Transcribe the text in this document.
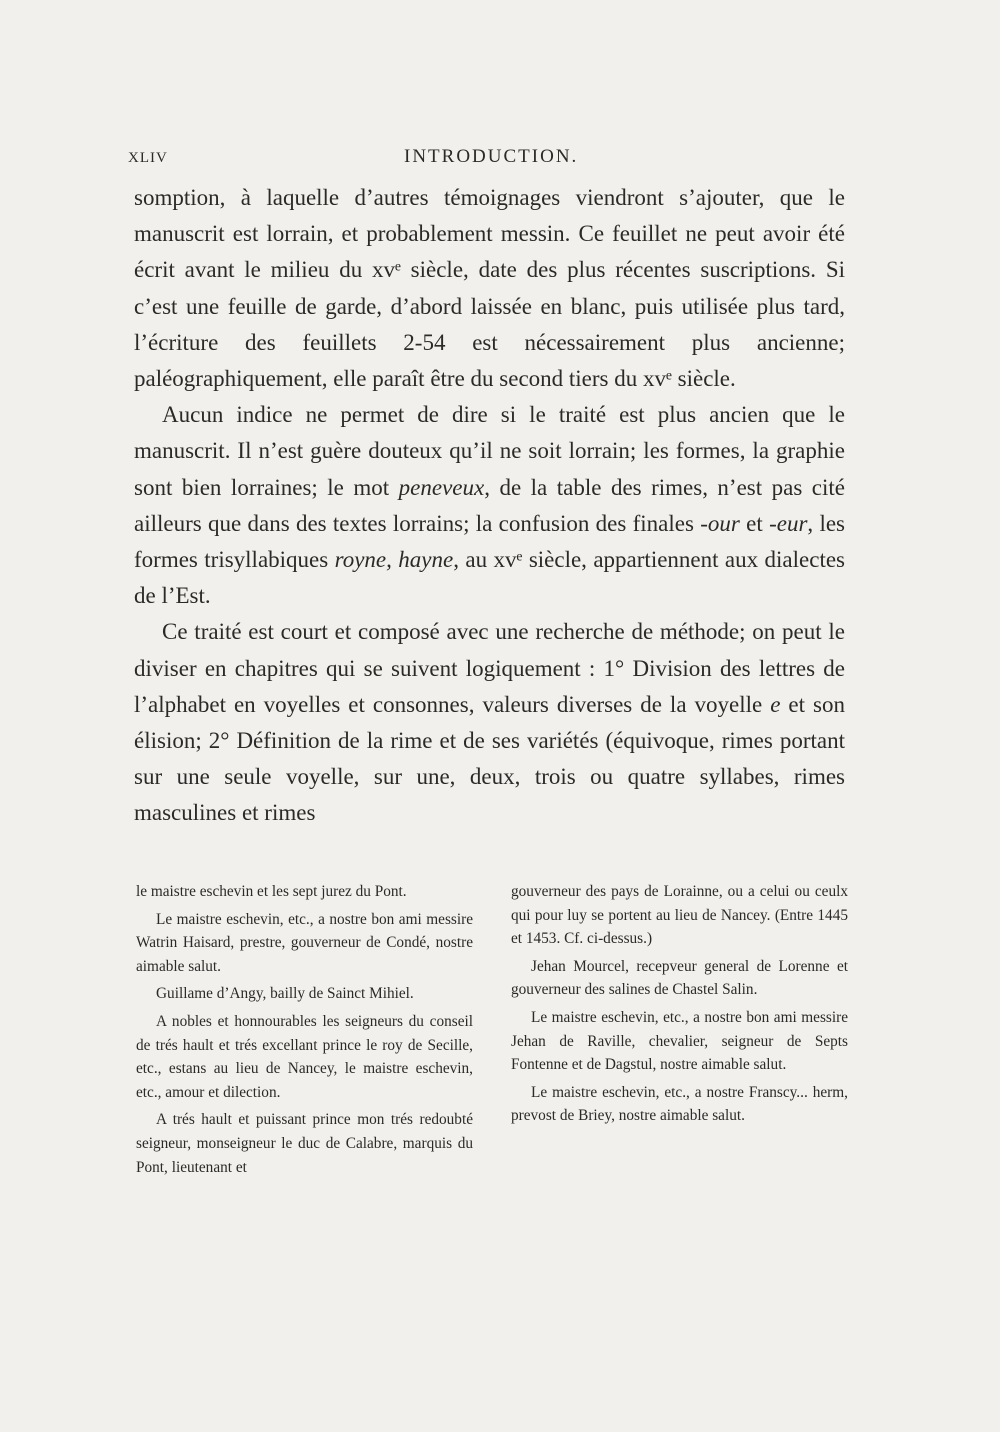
XLIV	INTRODUCTION.

somption, à laquelle d’autres témoignages viendront s’ajouter, que le manuscrit est lorrain, et probablement messin. Ce feuillet ne peut avoir été écrit avant le milieu du xvᵉ siècle, date des plus récentes suscriptions. Si c’est une feuille de garde, d’abord laissée en blanc, puis utilisée plus tard, l’écriture des feuillets 2-54 est nécessairement plus ancienne; paléographiquement, elle paraît être du second tiers du xvᵉ siècle.

Aucun indice ne permet de dire si le traité est plus ancien que le manuscrit. Il n’est guère douteux qu’il ne soit lorrain; les formes, la graphie sont bien lorraines; le mot peneveux, de la table des rimes, n’est pas cité ailleurs que dans des textes lorrains; la confusion des finales -our et -eur, les formes trisyllabiques royne, hayne, au xvᵉ siècle, appartiennent aux dialectes de l’Est.

Ce traité est court et composé avec une recherche de méthode; on peut le diviser en chapitres qui se suivent logiquement : 1° Division des lettres de l’alphabet en voyelles et consonnes, valeurs diverses de la voyelle e et son élision; 2° Définition de la rime et de ses variétés (équivoque, rimes portant sur une seule voyelle, sur une, deux, trois ou quatre syllabes, rimes masculines et rimes

le maistre eschevin et les sept jurez du Pont.

Le maistre eschevin, etc., a nostre bon ami messire Watrin Haisard, prestre, gouverneur de Condé, nostre aimable salut.

Guillame d’Angy, bailly de Sainct Mihiel.

A nobles et honnourables les seigneurs du conseil de trés hault et trés excellant prince le roy de Secille, etc., estans au lieu de Nancey, le maistre eschevin, etc., amour et dilection.

A trés hault et puissant prince mon trés redoubté seigneur, monseigneur le duc de Calabre, marquis du Pont, lieutenant et

gouverneur des pays de Lorainne, ou a celui ou ceulx qui pour luy se portent au lieu de Nancey. (Entre 1445 et 1453. Cf. ci-dessus.)

Jehan Mourcel, recepveur general de Lorenne et gouverneur des salines de Chastel Salin.

Le maistre eschevin, etc., a nostre bon ami messire Jehan de Raville, chevalier, seigneur de Septs Fontenne et de Dagstul, nostre aimable salut.

Le maistre eschevin, etc., a nostre Franscy... herm, prevost de Briey, nostre aimable salut.
